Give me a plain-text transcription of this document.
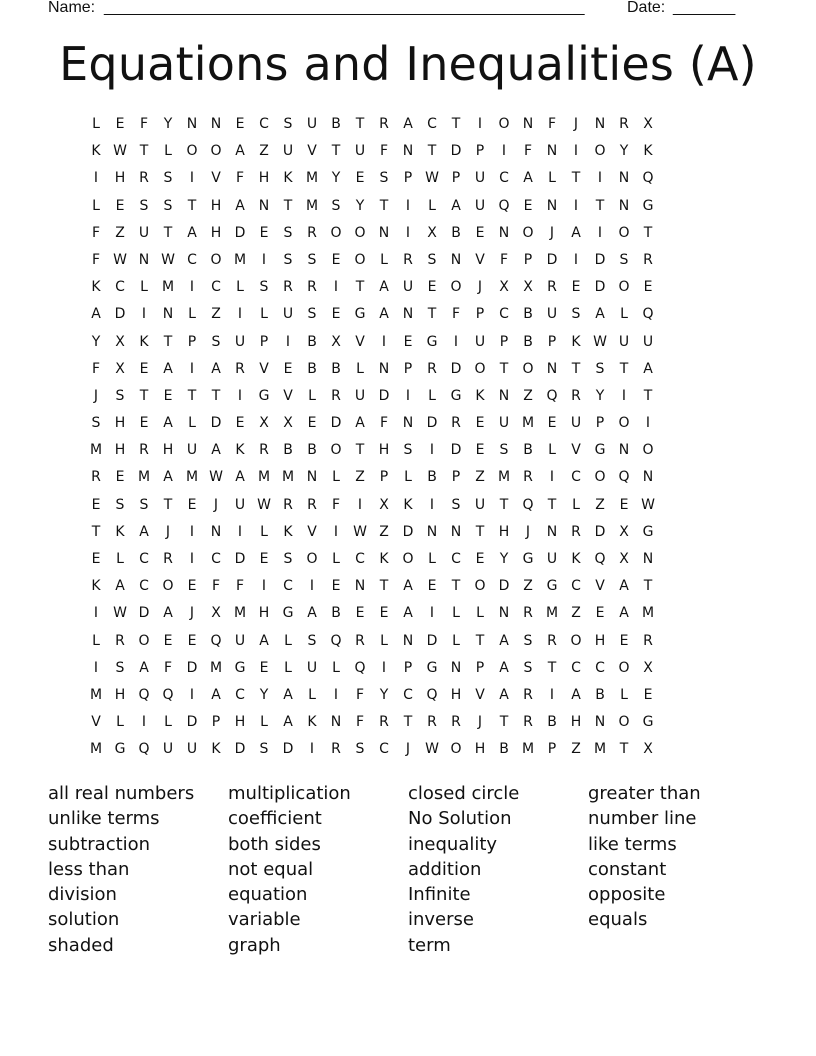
Name: ______________________________________________________	Date: _______
Equations and Inequalities (A)
L	E	F	Y	N N	E	C	S	U	B	T	R	A	C	T	I	O N	F	J	N R	X
K W T	L	O O A	Z	U	V	T	U	F	N	T	D	P	I	F	N	I	O	Y	K
I	H R	S	I	V	F	H	K M Y	E	S	P W P	U C	A	L	T	I	N Q
L	E	S	S	T	H A N	T M S	Y	T	I	L	A	U Q	E	N	I	T	N G
F	Z	U	T	A H D	E	S	R O O N	I	X	B	E	N O	J	A	I	O	T
F W N W C O M	I	S	S	E	O	L	R	S	N V	F	P	D	I	D	S	R
K	C	L	M	I	C	L	S	R	R	I	T	A	U	E	O	J	X	X	R	E	D O	E
A D	I	N	L	Z	I	L	U	S	E	G A N	T	F	P	C	B	U	S	A	L	Q
Y	X	K	T	P	S	U	P	I	B	X	V	I	E	G	I	U	P	B	P	K W U U
F	X	E	A	I	A	R	V	E	B	B	L	N	P	R D O	T	O N	T	S	T	A
J	S	T	E	T	T	I	G V	L	R	U D	I	L	G K	N Z Q R	Y	I	T
S	H	E	A	L	D	E	X	X	E	D A	F	N D R	E	U M E	U	P	O	I
M H R H U	A	K	R	B	B O	T	H	S	I	D	E	S	B	L	V G N O
R	E M A M W A M M N	L	Z	P	L	B	P	Z M R	I	C O Q N
E	S	S	T	E	J	U W R	R	F	I	X	K	I	S	U	T	Q	T	L	Z	E W
T	K	A	J	I	N	I	L	K	V	I	W Z D N N	T	H	J	N R D X G
E	L	C	R	I	C D	E	S	O	L	C	K O	L	C	E	Y	G U	K Q X N
K	A	C O	E	F	F	I	C	I	E	N	T	A	E	T	O D Z G C	V	A	T
I	W D A	J	X M H G A	B	E	E	A	I	L	L	N R M Z	E	A M
L	R O	E	E	Q U	A	L	S	Q R	L	N D	L	T	A	S	R O H	E	R
I	S	A	F	D M G	E	L	U	L	Q	I	P	G N	P	A	S	T	C	C O X
M H Q Q	I	A	C	Y	A	L	I	F	Y	C Q H V	A	R	I	A	B	L	E
V	L	I	L	D	P	H	L	A	K	N	F	R	T	R	R	J	T	R	B H N O G
M G Q U U	K	D	S	D	I	R	S	C	J	W O H B M P	Z M T	X
all real numbers
unlike terms
subtraction
less than
division
solution
shaded
multiplication
coefficient
both sides
not equal
equation
variable
graph
closed circle
No Solution
inequality
addition
Infinite
inverse
term
greater than
number line
like terms
constant
opposite
equals
